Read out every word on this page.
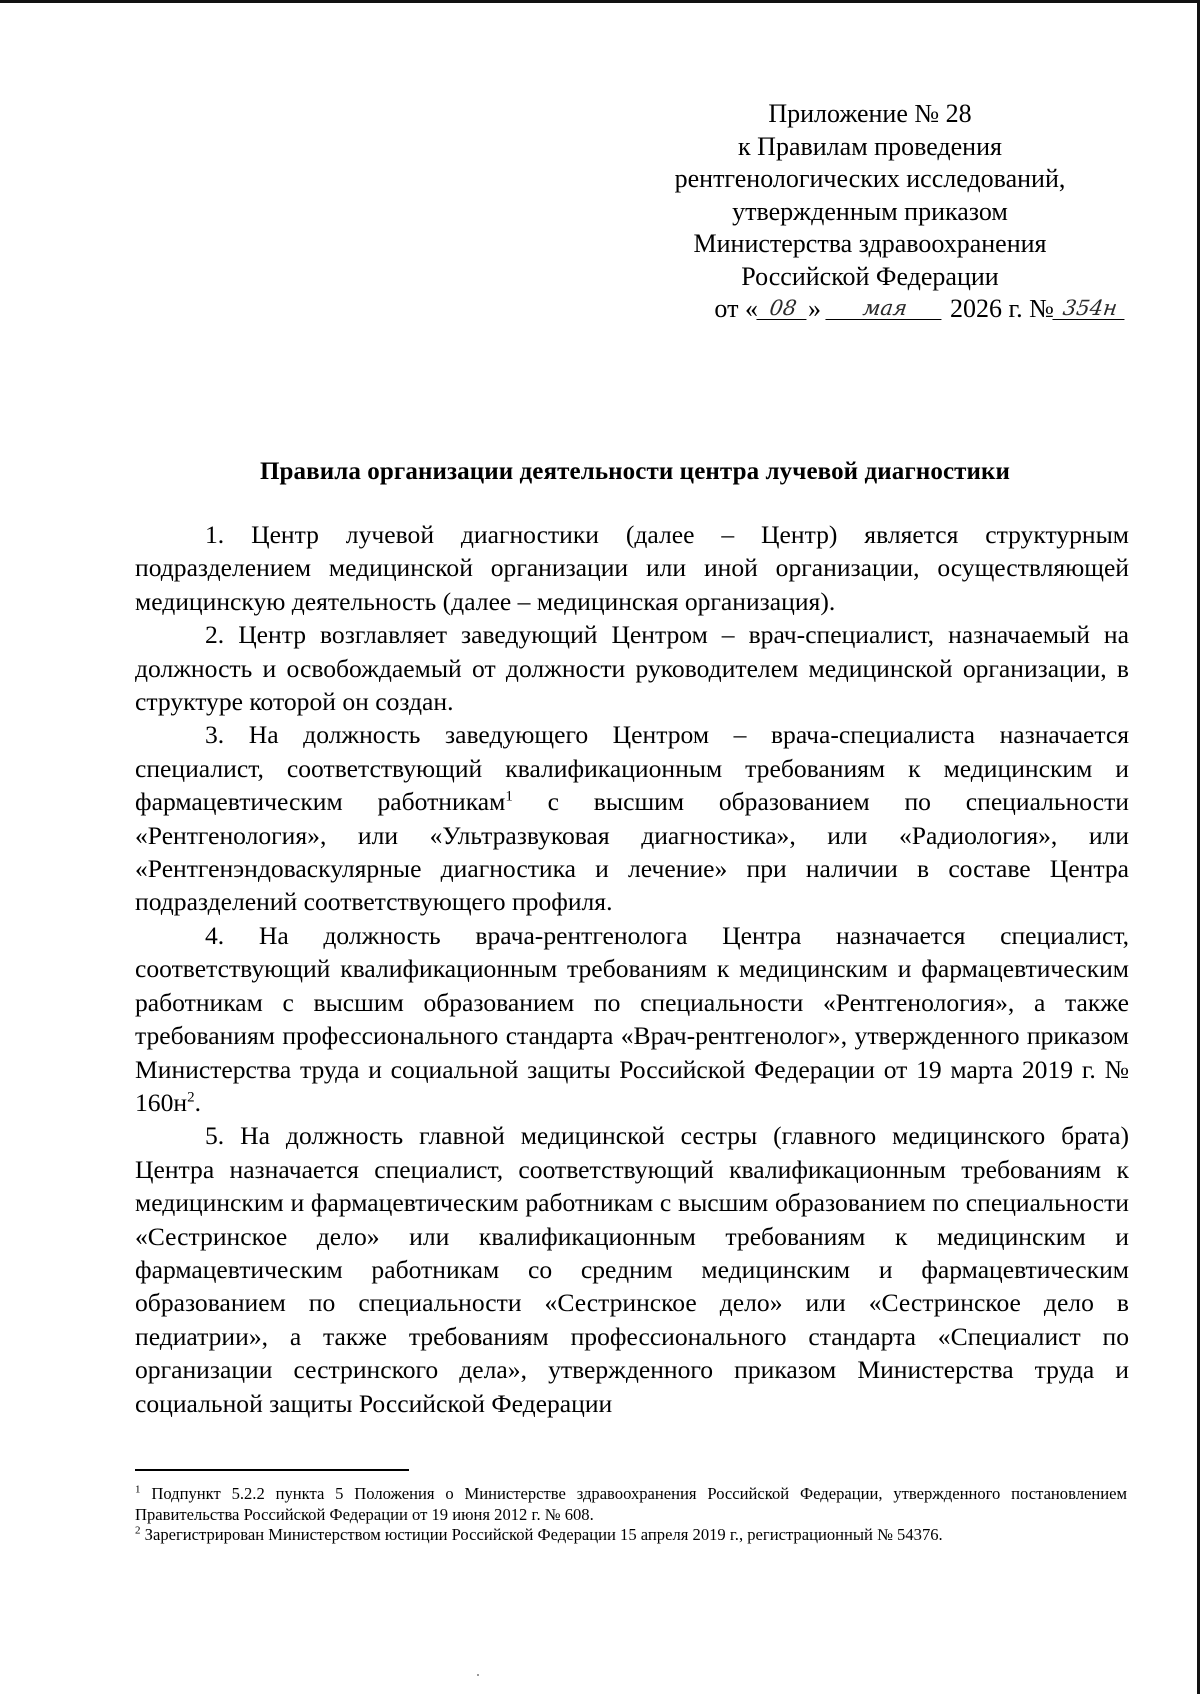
Приложение № 28
к Правилам проведения
рентгенологических исследований,
утвержденным приказом
Министерства здравоохранения
Российской Федерации
от « 08 » мая 2026 г. № 354н
Правила организации деятельности центра лучевой диагностики

1. Центр лучевой диагностики (далее – Центр) является структурным подразделением медицинской организации или иной организации, осуществляющей медицинскую деятельность (далее – медицинская организация).

2. Центр возглавляет заведующий Центром – врач-специалист, назначаемый на должность и освобождаемый от должности руководителем медицинской организации, в структуре которой он создан.

3. На должность заведующего Центром – врача-специалиста назначается специалист, соответствующий квалификационным требованиям к медицинским и фармацевтическим работникам$^1$ с высшим образованием по специальности «Рентгенология», или «Ультразвуковая диагностика», или «Радиология», или «Рентгенэндоваскулярные диагностика и лечение» при наличии в составе Центра подразделений соответствующего профиля.

4. На должность врача-рентгенолога Центра назначается специалист, соответствующий квалификационным требованиям к медицинским и фармацевтическим работникам с высшим образованием по специальности «Рентгенология», а также требованиям профессионального стандарта «Врач-рентгенолог», утвержденного приказом Министерства труда и социальной защиты Российской Федерации от 19 марта 2019 г. № $160н^2$.

5. На должность главной медицинской сестры (главного медицинского брата) Центра назначается специалист, соответствующий квалификационным требованиям к медицинским и фармацевтическим работникам с высшим образованием по специальности «Сестринское дело» или квалификационным требованиям к медицинским и фармацевтическим работникам со средним медицинским и фармацевтическим образованием по специальности «Сестринское дело» или «Сестринское дело в педиатрии», а также требованиям профессионального стандарта «Специалист по организации сестринского дела», утвержденного приказом Министерства труда и социальной защиты Российской Федерации

$^1$ Подпункт 5.2.2 пункта 5 Положения о Министерстве здравоохранения Российской Федерации, утвержденного постановлением Правительства Российской Федерации от 19 июня 2012 г. № 608.

$^2$ Зарегистрирован Министерством юстиции Российской Федерации 15 апреля 2019 г., регистрационный № 54376.
